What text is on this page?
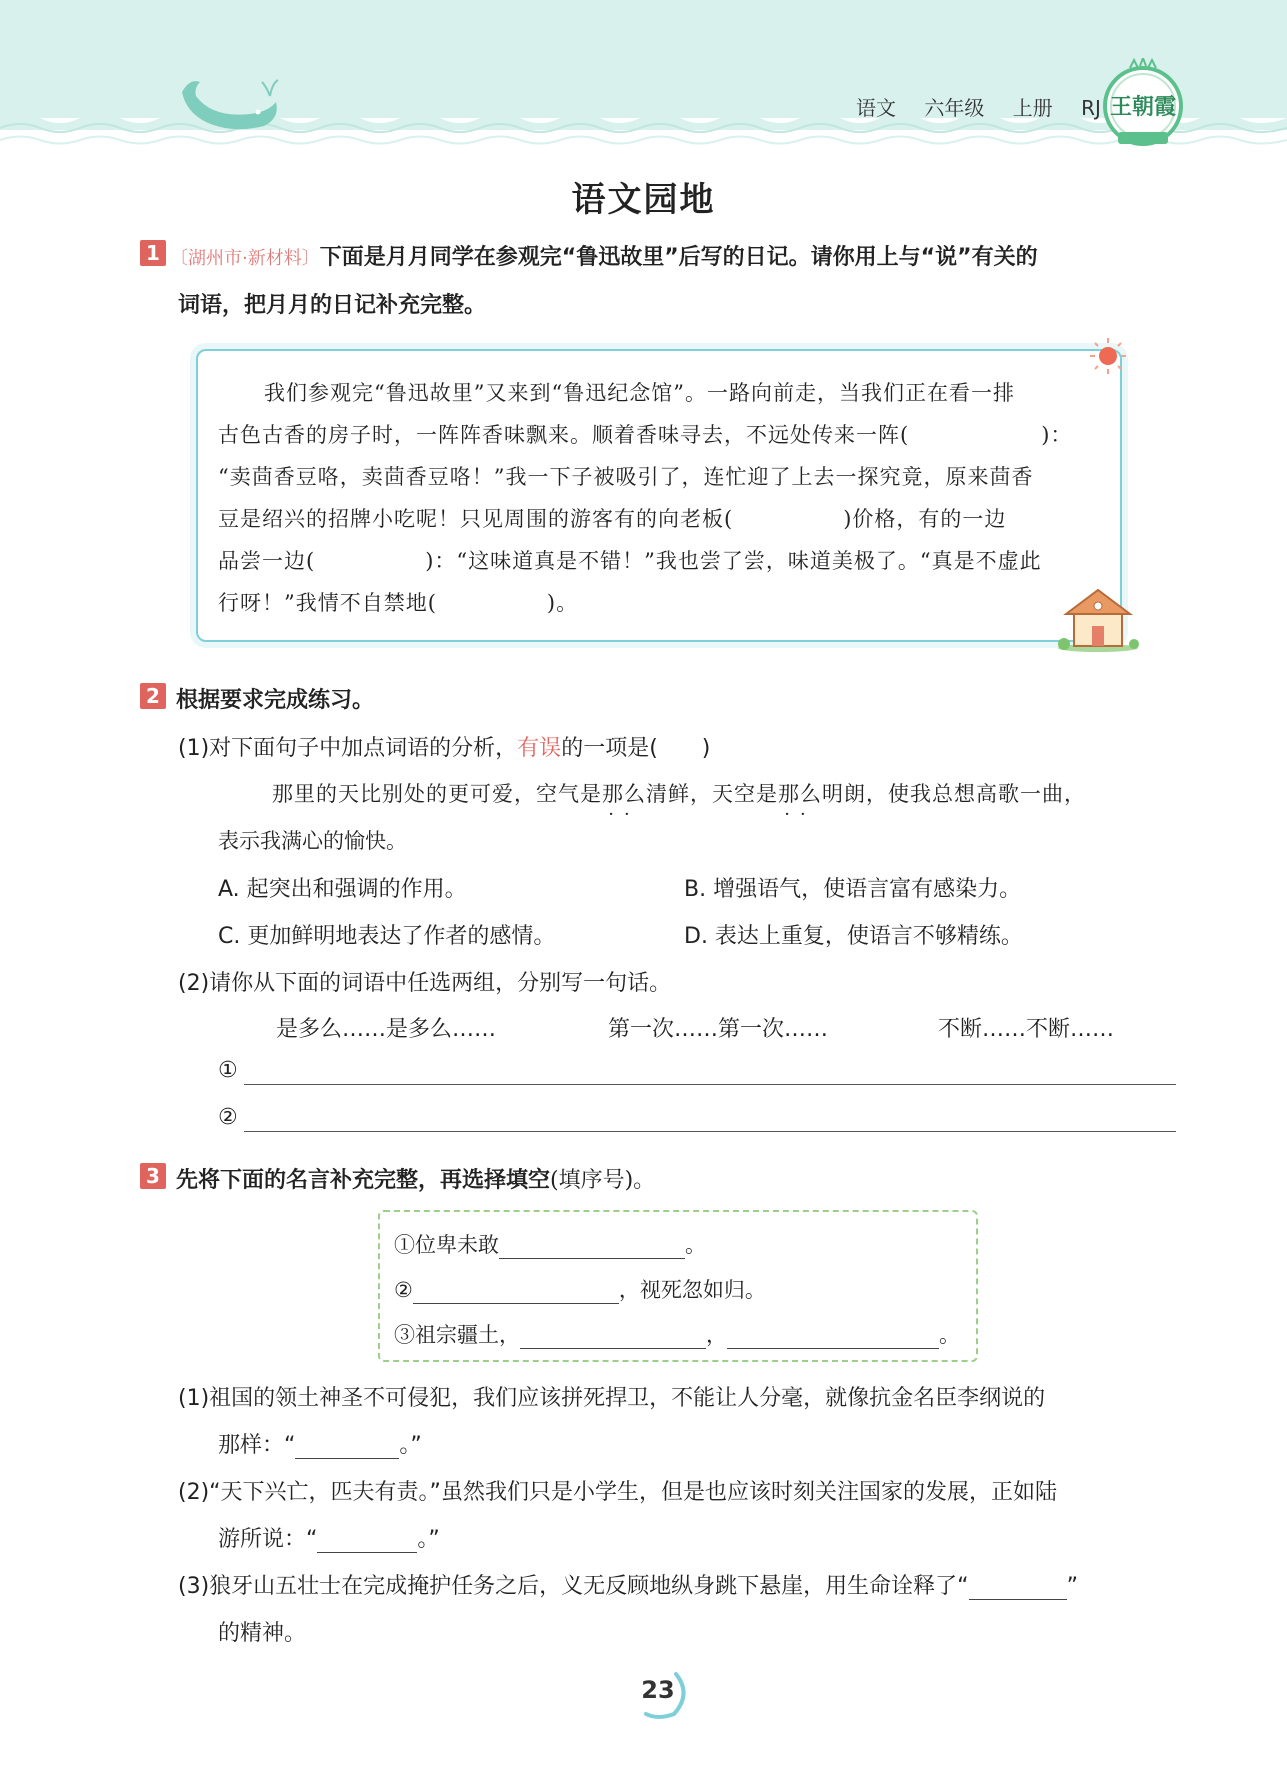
语文 六年级 上册 RJ 王朝霞
语文园地
1 〔湖州市·新材料〕下面是月月同学在参观完“鲁迅故里”后写的日记。请你用上与“说”有关的
词语，把月月的日记补充完整。
我们参观完“鲁迅故里”又来到“鲁迅纪念馆”。一路向前走，当我们正在看一排
古色古香的房子时，一阵阵香味飘来。顺着香味寻去，不远处传来一阵(　　　　　　)：
“卖茴香豆咯，卖茴香豆咯！”我一下子被吸引了，连忙迎了上去一探究竟，原来茴香
豆是绍兴的招牌小吃呢！只见周围的游客有的向老板(　　　　　)价格，有的一边
品尝一边(　　　　　)：“这味道真是不错！”我也尝了尝，味道美极了。“真是不虚此
行呀！”我情不自禁地(　　　　　)。
2 根据要求完成练习。
(1)对下面句子中加点词语的分析，有误的一项是(　　)
那里的天比别处的更可爱，空气是那么
··
清鲜，天空是那么
··
明朗，使我总想高歌一曲，
表示我满心的愉快。
A. 起突出和强调的作用。	B. 增强语气，使语言富有感染力。
C. 更加鲜明地表达了作者的感情。	D. 表达上重复，使语言不够精练。
(2)请你从下面的词语中任选两组，分别写一句话。
是多么……是多么……	第一次……第一次……	不断……不断……
①
②
3 先将下面的名言补充完整，再选择填空(填序号)。
①位卑未敢	。
②	，视死忽如归。
③祖宗疆土，	，	。
(1)祖国的领土神圣不可侵犯，我们应该拼死捍卫，不能让人分毫，就像抗金名臣李纲说的
那样：“	。”
(2)“天下兴亡，匹夫有责。”虽然我们只是小学生，但是也应该时刻关注国家的发展，正如陆
游所说：“	。”
(3)狼牙山五壮士在完成掩护任务之后，义无反顾地纵身跳下悬崖，用生命诠释了“	”
的精神。
23
